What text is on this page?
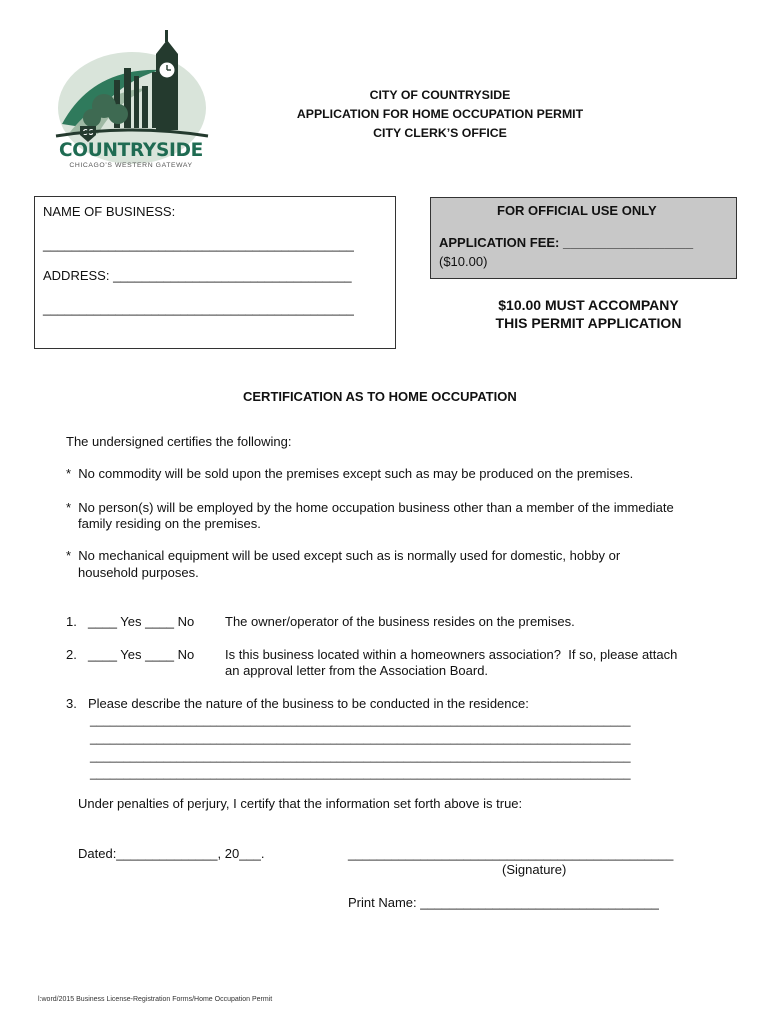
66
COUNTRYSIDE
CHICAGO’S WESTERN GATEWAY
CITY OF COUNTRYSIDE
APPLICATION FOR HOME OCCUPATION PERMIT
CITY CLERK’S OFFICE
NAME OF BUSINESS:
___________________________________________
ADDRESS: _________________________________
___________________________________________
FOR OFFICIAL USE ONLY
APPLICATION FEE: __________________
($10.00)
$10.00 MUST ACCOMPANY
THIS PERMIT APPLICATION
CERTIFICATION AS TO HOME OCCUPATION
The undersigned certifies the following:
*  No commodity will be sold upon the premises except such as may be produced on the premises.
*  No person(s) will be employed by the home occupation business other than a member of the immediate
family residing on the premises.
*  No mechanical equipment will be used except such as is normally used for domestic, hobby or
household purposes.
1. ____ Yes ____ No The owner/operator of the business resides on the premises.
2. ____ Yes ____ No Is this business located within a homeowners association?  If so, please attach
an approval letter from the Association Board.
3. Please describe the nature of the business to be conducted in the residence:
_________________________________________________________________________________
_________________________________________________________________________________
_________________________________________________________________________________
_________________________________________________________________________________
Under penalties of perjury, I certify that the information set forth above is true:
Dated:______________, 20___.	_____________________________________________
(Signature)
Print Name: _________________________________
l:word/2015 Business License-Registration Forms/Home Occupation Permit
